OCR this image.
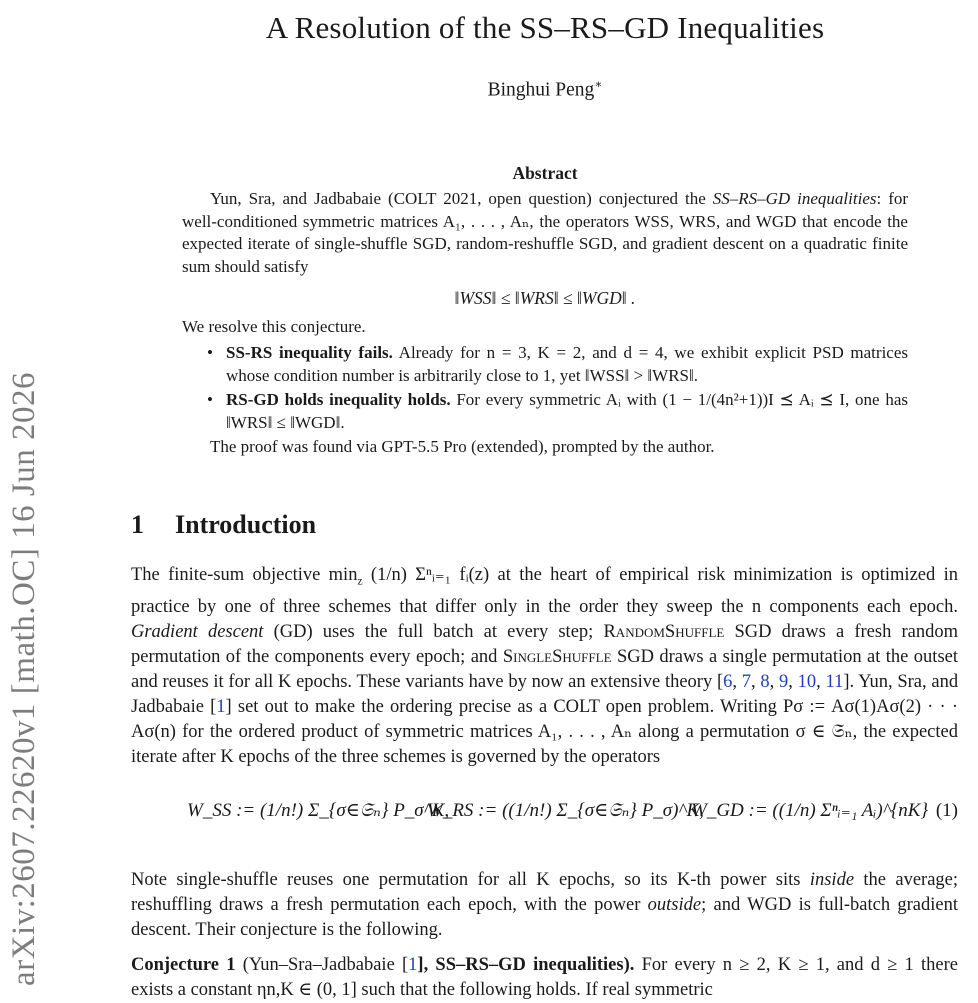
arXiv:2607.22620v1 [math.OC] 16 Jun 2026
A Resolution of the SS–RS–GD Inequalities
Binghui Peng∗
Abstract

Yun, Sra, and Jadbabaie (COLT 2021, open question) conjectured the SS–RS–GD inequalities: for well-conditioned symmetric matrices A₁, . . . , Aₙ, the operators WSS, WRS, and WGD that encode the expected iterate of single-shuffle SGD, random-reshuffle SGD, and gradient descent on a quadratic finite sum should satisfy

‖WSS‖ ≤ ‖WRS‖ ≤ ‖WGD‖ .

We resolve this conjecture.

• SS-RS inequality fails. Already for n = 3, K = 2, and d = 4, we exhibit explicit PSD matrices whose condition number is arbitrarily close to 1, yet ‖WSS‖ > ‖WRS‖.
• RS-GD holds inequality holds. For every symmetric Aᵢ with (1 − 1/(4n²+1))I ⪯ Aᵢ ⪯ I, one has ‖WRS‖ ≤ ‖WGD‖.

The proof was found via GPT-5.5 Pro (extended), prompted by the author.

1 Introduction

The finite-sum objective $\min_z (1/n)$ Σⁿᵢ₌₁ fᵢ(z) at the heart of empirical risk minimization is optimized in practice by one of three schemes that differ only in the order they sweep the n components each epoch. Gradient descent (GD) uses the full batch at every step; RandomShuffle SGD draws a fresh random permutation of the components every epoch; and SingleShuffle SGD draws a single permutation at the outset and reuses it for all K epochs. These variants have by now an extensive theory [6, 7, 8, 9, 10, 11]. Yun, Sra, and Jadbabaie [1] set out to make the ordering precise as a COLT open problem. Writing Pσ := Aσ(1)Aσ(2) · · · Aσ(n) for the ordered product of symmetric matrices A₁, . . . , Aₙ along a permutation σ ∈ 𝔖ₙ, the expected iterate after K epochs of the three schemes is governed by the operators

W_SS := (1/n!) Σ_{σ∈𝔖ₙ} P_σ^K,
W_RS := ((1/n!) Σ_{σ∈𝔖ₙ} P_σ)^K,
W_GD := ((1/n) Σⁿᵢ₌₁ Aᵢ)^{nK} (1)

Note single-shuffle reuses one permutation for all K epochs, so its K-th power sits inside the average; reshuffling draws a fresh permutation each epoch, with the power outside; and WGD is full-batch gradient descent. Their conjecture is the following.

Conjecture 1 (Yun–Sra–Jadbabaie [1], SS–RS–GD inequalities). For every n ≥ 2, K ≥ 1, and d ≥ 1 there exists a constant ηn,K ∈ (0, 1] such that the following holds. If real symmetric
